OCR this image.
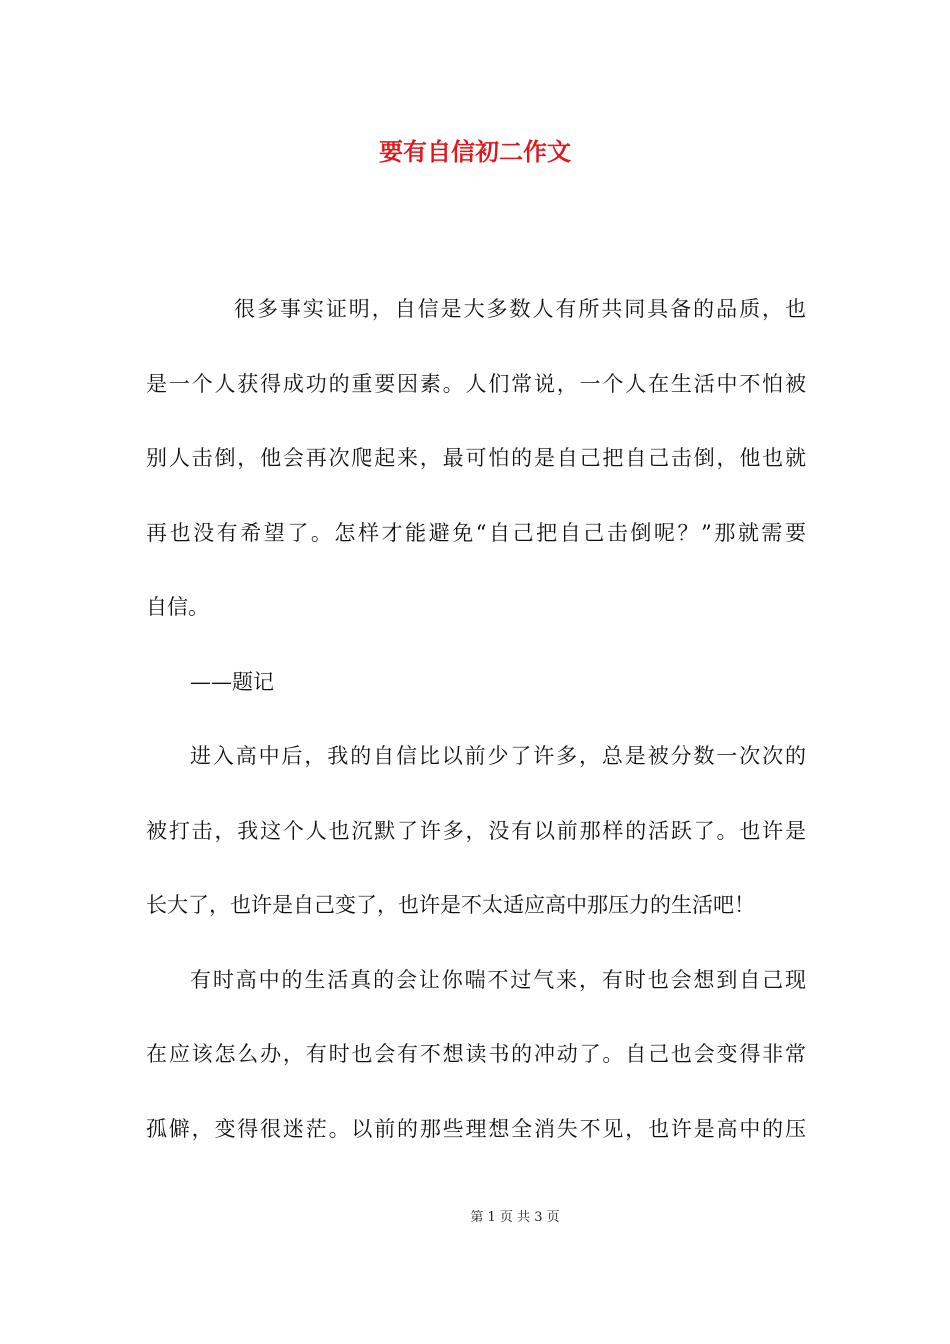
要有自信初二作文
很多事实证明，自信是大多数人有所共同具备的品质，也
是一个人获得成功的重要因素。人们常说，一个人在生活中不怕被
别人击倒，他会再次爬起来，最可怕的是自己把自己击倒，他也就
再也没有希望了。怎样才能避免“自己把自己击倒呢？”那就需要
自信。
——题记
进入高中后，我的自信比以前少了许多，总是被分数一次次的
被打击，我这个人也沉默了许多，没有以前那样的活跃了。也许是
长大了，也许是自己变了，也许是不太适应高中那压力的生活吧！
有时高中的生活真的会让你喘不过气来，有时也会想到自己现
在应该怎么办，有时也会有不想读书的冲动了。自己也会变得非常
孤僻，变得很迷茫。以前的那些理想全消失不见，也许是高中的压
第 1 页 共 3 页
